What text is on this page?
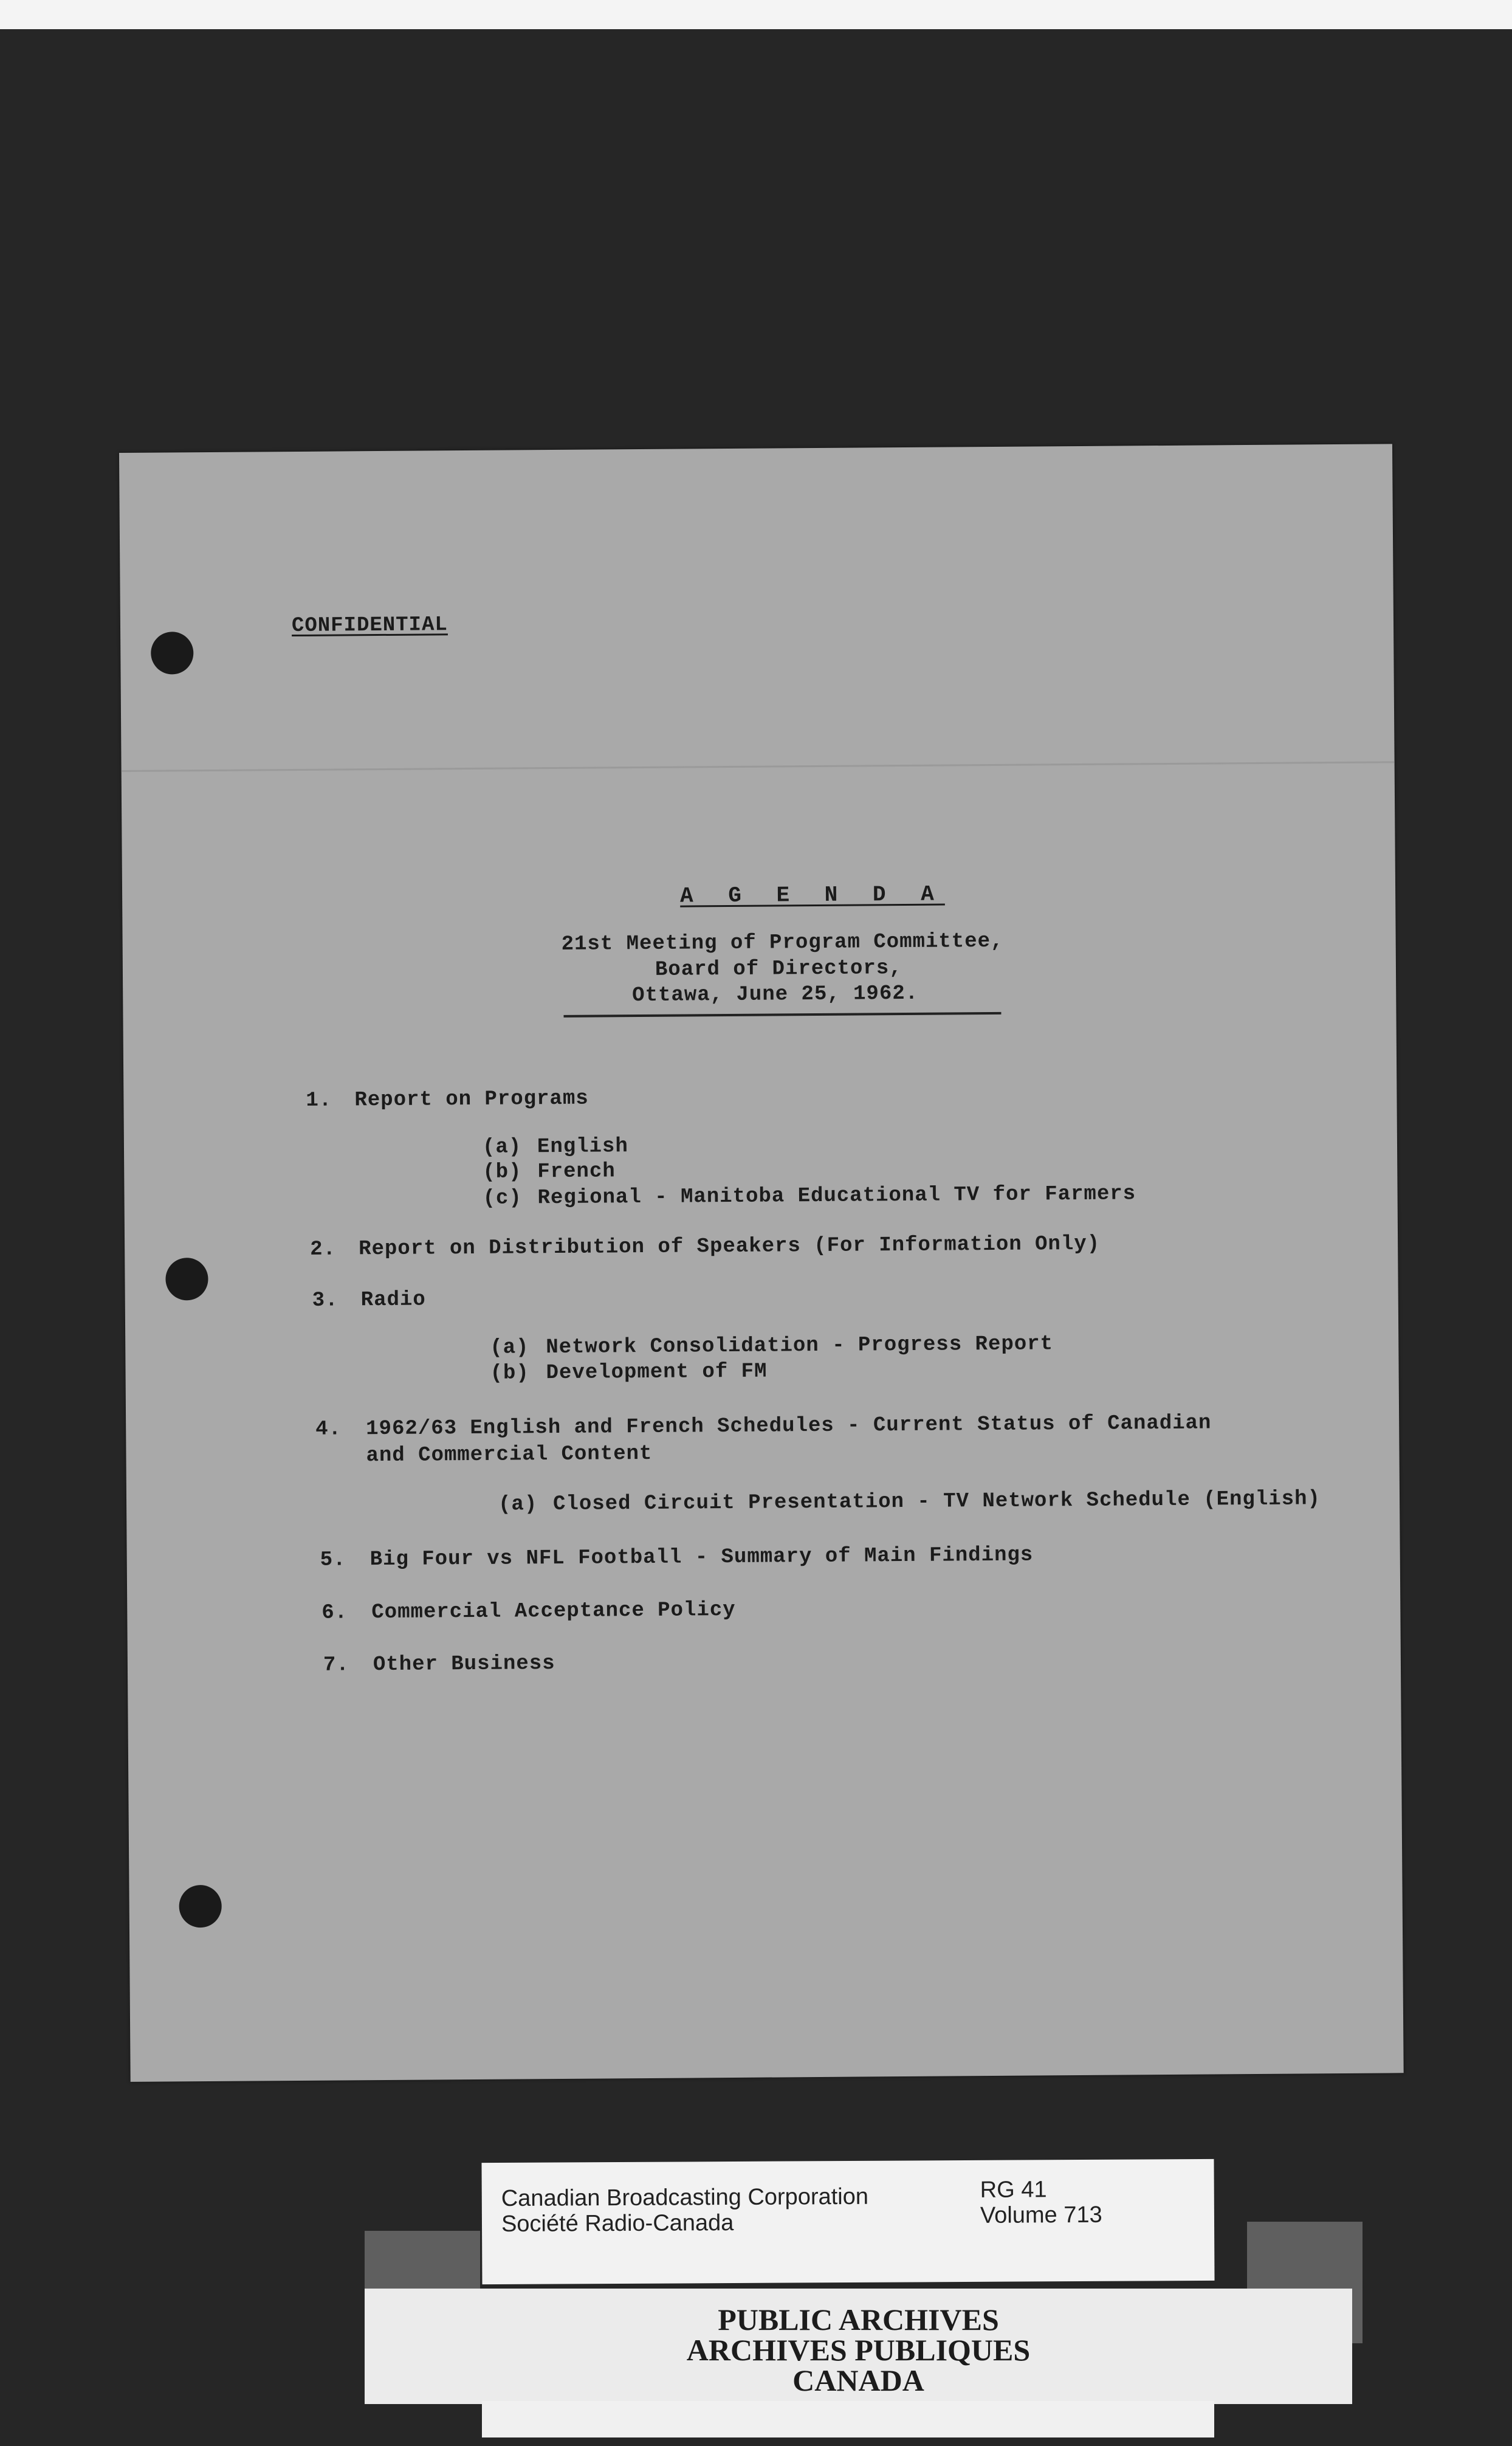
CONFIDENTIAL
A G E N D A
21st Meeting of Program Committee,
Board of Directors,
Ottawa, June 25, 1962.
1. Report on Programs
(a) English
(b) French
(c) Regional - Manitoba Educational TV for Farmers
2. Report on Distribution of Speakers (For Information Only)
3. Radio
(a) Network Consolidation - Progress Report
(b) Development of FM
4. 1962/63 English and French Schedules - Current Status of Canadian
and Commercial Content
(a) Closed Circuit Presentation - TV Network Schedule (English)
5. Big Four vs NFL Football - Summary of Main Findings
6. Commercial Acceptance Policy
7. Other Business
Canadian Broadcasting Corporation
Société Radio-Canada
RG 41
Volume 713
PUBLIC ARCHIVES
ARCHIVES PUBLIQUES
CANADA
